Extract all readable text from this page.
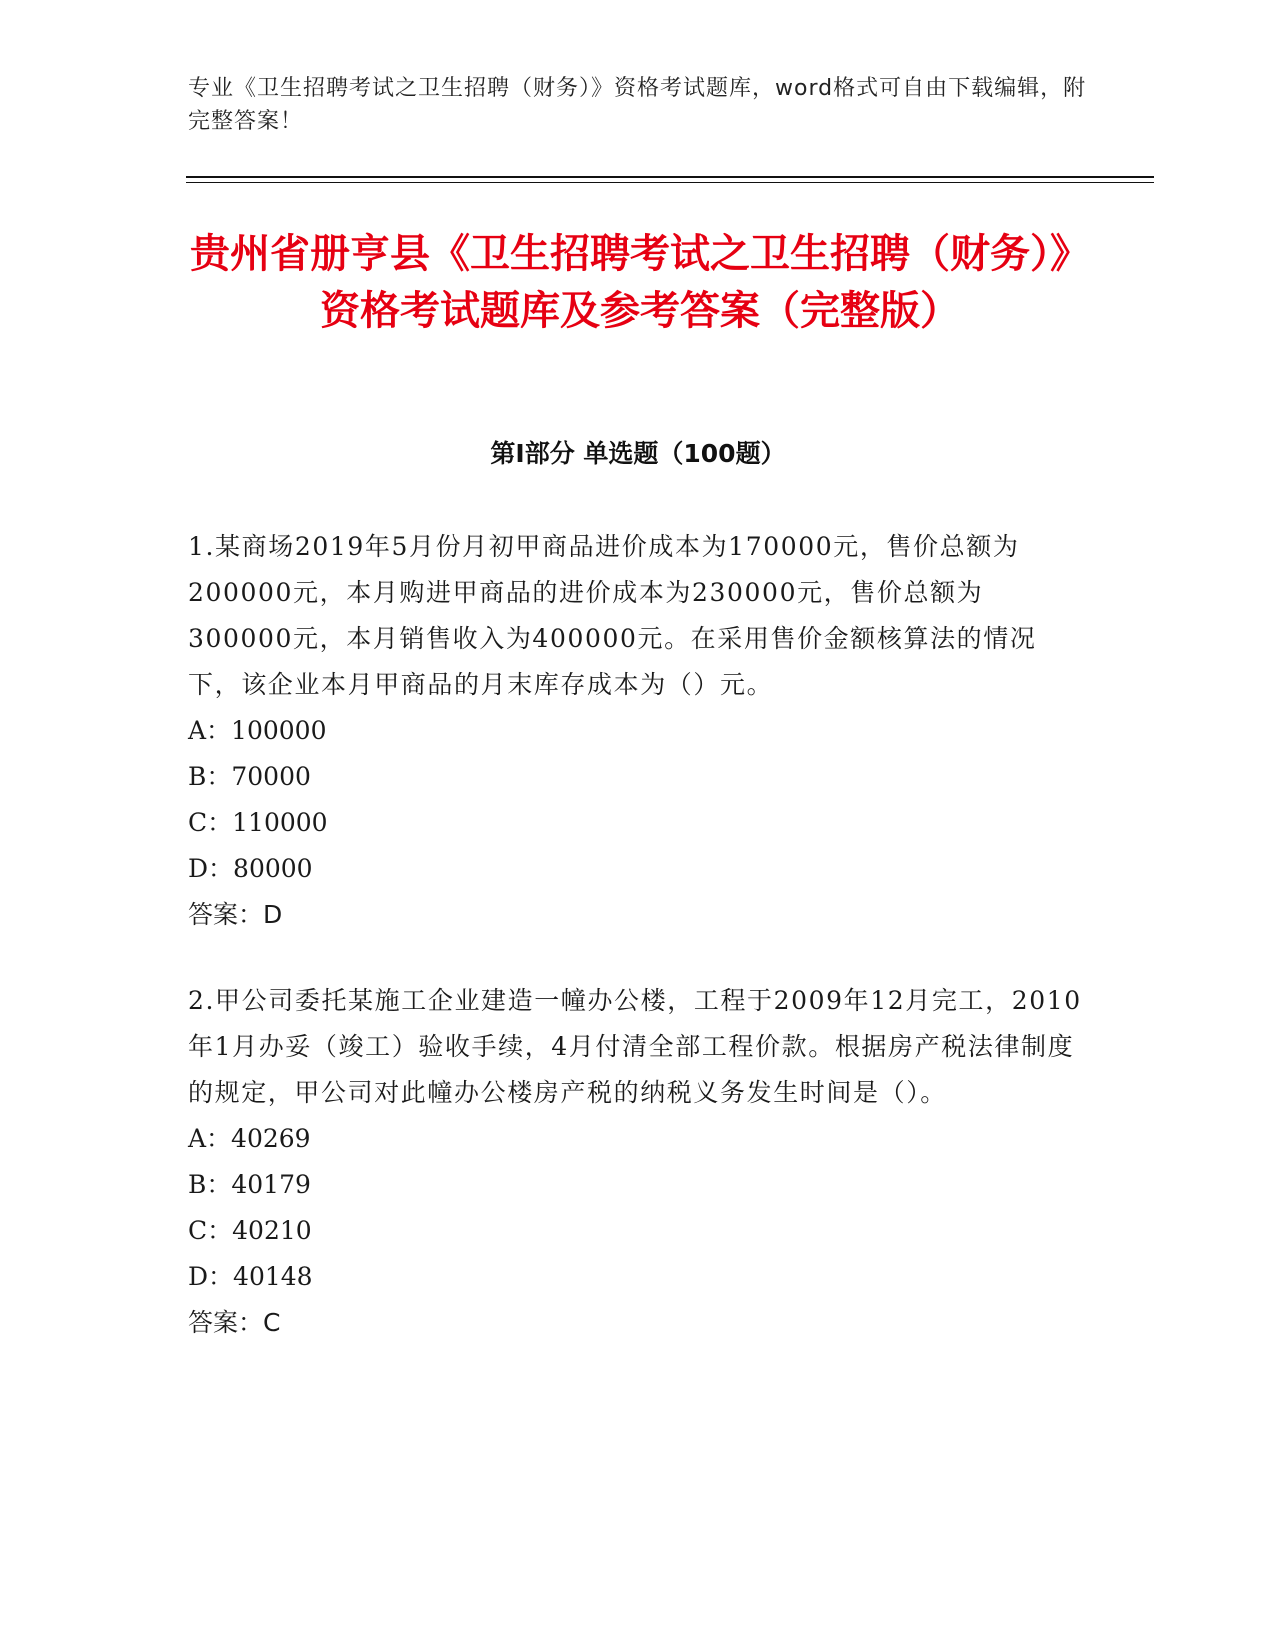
专业《卫生招聘考试之卫生招聘（财务）》资格考试题库，word格式可自由下载编辑，附完整答案！
贵州省册亨县《卫生招聘考试之卫生招聘（财务）》资格考试题库及参考答案（完整版）
第Ⅰ部分 单选题（100题）

1.某商场2019年5月份月初甲商品进价成本为170000元，售价总额为200000元，本月购进甲商品的进价成本为230000元，售价总额为300000元，本月销售收入为400000元。在采用售价金额核算法的情况下，该企业本月甲商品的月末库存成本为（）元。

A：100000

B：70000

C：110000

D：80000

答案：D

2.甲公司委托某施工企业建造一幢办公楼，工程于2009年12月完工，2010年1月办妥（竣工）验收手续，4月付清全部工程价款。根据房产税法律制度的规定，甲公司对此幢办公楼房产税的纳税义务发生时间是（）。

A：40269

B：40179

C：40210

D：40148

答案：C
